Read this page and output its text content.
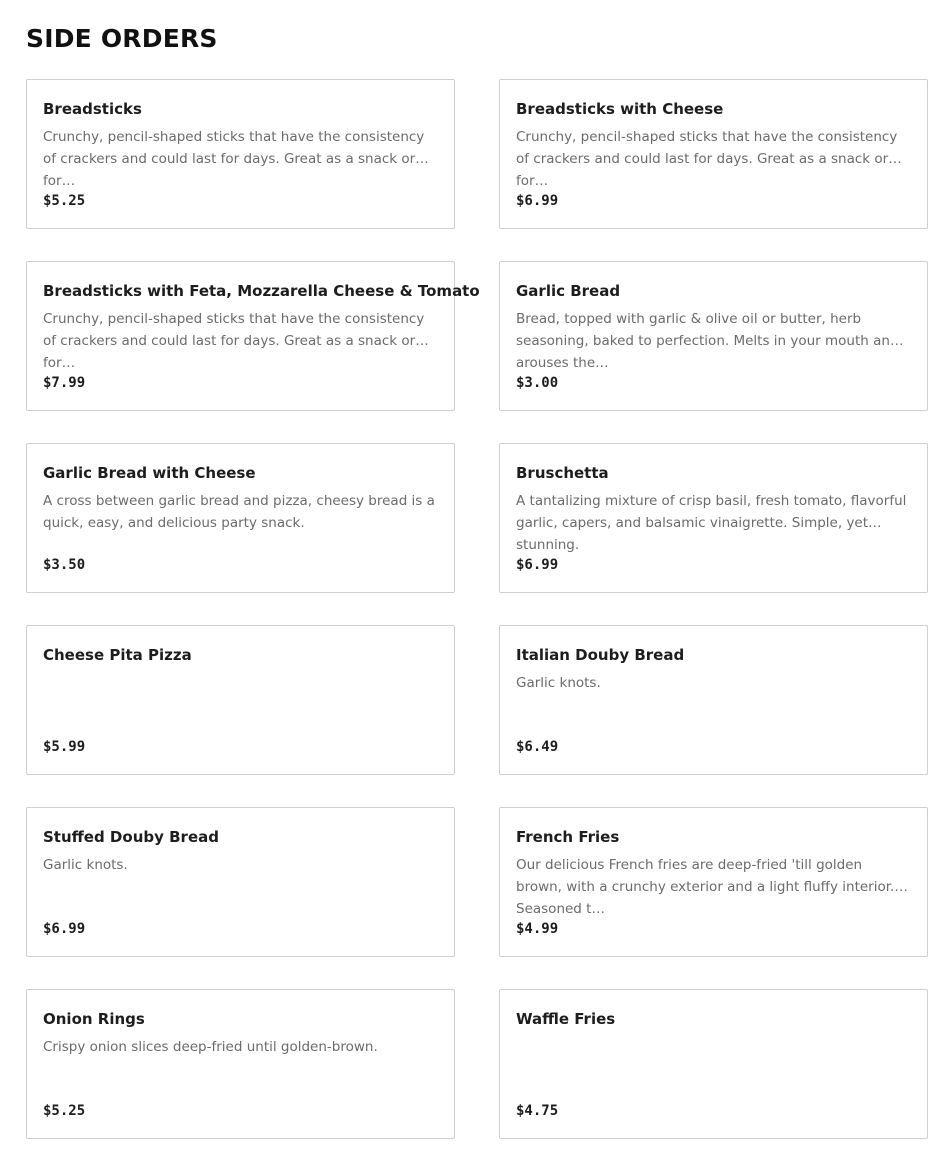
SIDE ORDERS
Breadsticks

Crunchy, pencil-shaped sticks that have the consistency of crackers and could last for days. Great as a snack or for…

$5.25
Breadsticks with Cheese

Crunchy, pencil-shaped sticks that have the consistency of crackers and could last for days. Great as a snack or for…

$6.99
Breadsticks with Feta, Mozzarella Cheese & Tomato

Crunchy, pencil-shaped sticks that have the consistency of crackers and could last for days. Great as a snack or for…

$7.99
Garlic Bread

Bread, topped with garlic & olive oil or butter, herb seasoning, baked to perfection. Melts in your mouth and arouses the…

$3.00
Garlic Bread with Cheese

A cross between garlic bread and pizza, cheesy bread is a quick, easy, and delicious party snack.

$3.50
Bruschetta

A tantalizing mixture of crisp basil, fresh tomato, flavorful garlic, capers, and balsamic vinaigrette. Simple, yet stunning.

$6.99
Cheese Pita Pizza

$5.99
Italian Douby Bread

Garlic knots.

$6.49
Stuffed Douby Bread

Garlic knots.

$6.99
French Fries

Our delicious French fries are deep-fried 'till golden brown, with a crunchy exterior and a light fluffy interior. Seasoned t…

$4.99
Onion Rings

Crispy onion slices deep-fried until golden-brown.

$5.25
Waffle Fries

$4.75
